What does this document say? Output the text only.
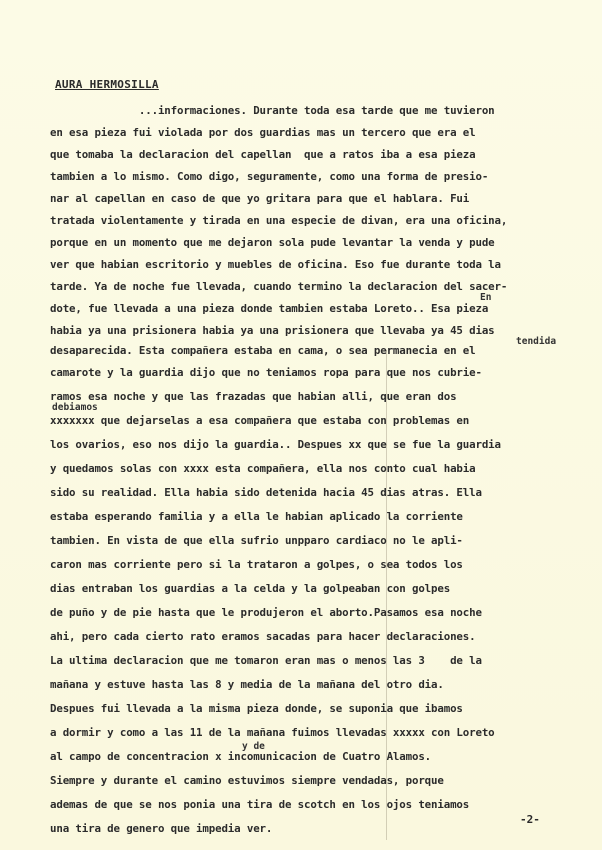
AURA HERMOSILLA
...informaciones. Durante toda esa tarde que me tuvieron
en esa pieza fui violada por dos guardias mas un tercero que era el
que tomaba la declaracion del capellan  que a ratos iba a esa pieza
tambien a lo mismo. Como digo, seguramente, como una forma de presio-
nar al capellan en caso de que yo gritara para que el hablara. Fui
tratada violentamente y tirada en una especie de divan, era una oficina,
porque en un momento que me dejaron sola pude levantar la venda y pude
ver que habian escritorio y muebles de oficina. Eso fue durante toda la
tarde. Ya de noche fue llevada, cuando termino la declaracion del sacer-
dote, fue llevada a una pieza donde tambien estaba Loreto.. Esa pieza
habia ya una prisionera habia ya una prisionera que llevaba ya 45 dias
desaparecida. Esta compañera estaba en cama, o sea permanecia en el
camarote y la guardia dijo que no teniamos ropa para que nos cubrie-
ramos esa noche y que las frazadas que habian alli, que eran dos
xxxxxxx que dejarselas a esa compañera que estaba con problemas en
los ovarios, eso nos dijo la guardia.. Despues xx que se fue la guardia
y quedamos solas con xxxx esta compañera, ella nos conto cual habia
sido su realidad. Ella habia sido detenida hacia 45 dias atras. Ella
estaba esperando familia y a ella le habian aplicado la corriente
tambien. En vista de que ella sufrio unpparo cardiaco no le apli-
caron mas corriente pero si la trataron a golpes, o sea todos los
dias entraban los guardias a la celda y la golpeaban con golpes
de puño y de pie hasta que le produjeron el aborto.Pasamos esa noche
ahi, pero cada cierto rato eramos sacadas para hacer declaraciones.
La ultima declaracion que me tomaron eran mas o menos las 3    de la
mañana y estuve hasta las 8 y media de la mañana del otro dia.
Despues fui llevada a la misma pieza donde, se suponia que ibamos
a dormir y como a las 11 de la mañana fuimos llevadas xxxxx con Loreto
al campo de concentracion x incomunicacion de Cuatro Alamos.
Siempre y durante el camino estuvimos siempre vendadas, porque
ademas de que se nos ponia una tira de scotch en los ojos teniamos
una tira de genero que impedia ver.
En
tendida
debiamos
y de
-2-
